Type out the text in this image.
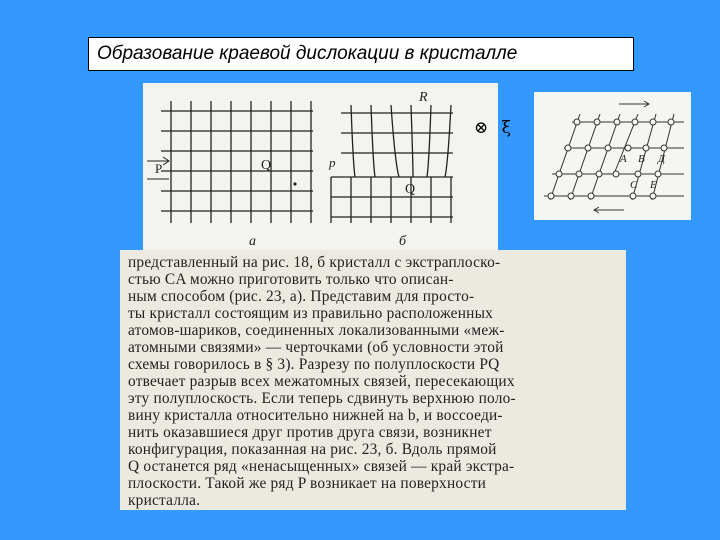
Образование краевой дислокации в кристалле
P	Q
a
R
p
Q
б
⊗ ξ
A B Д
C E
представленный на рис. 18, б кристалл с экстраплоско-
стью CA можно приготовить только что описан-
ным способом (рис. 23, а). Представим для просто-
ты кристалл состоящим из правильно расположенных
атомов-шариков, соединенных локализованными «меж-
атомными связями» — черточками (об условности этой
схемы говорилось в § 3). Разрезу по полуплоскости PQ
отвечает разрыв всех межатомных связей, пересекающих
эту полуплоскость. Если теперь сдвинуть верхнюю поло-
вину кристалла относительно нижней на b, и воссоеди-
нить оказавшиеся друг против друга связи, возникнет
конфигурация, показанная на рис. 23, б. Вдоль прямой
Q останется ряд «ненасыщенных» связей — край экстра-
плоскости. Такой же ряд P возникает на поверхности
кристалла.
